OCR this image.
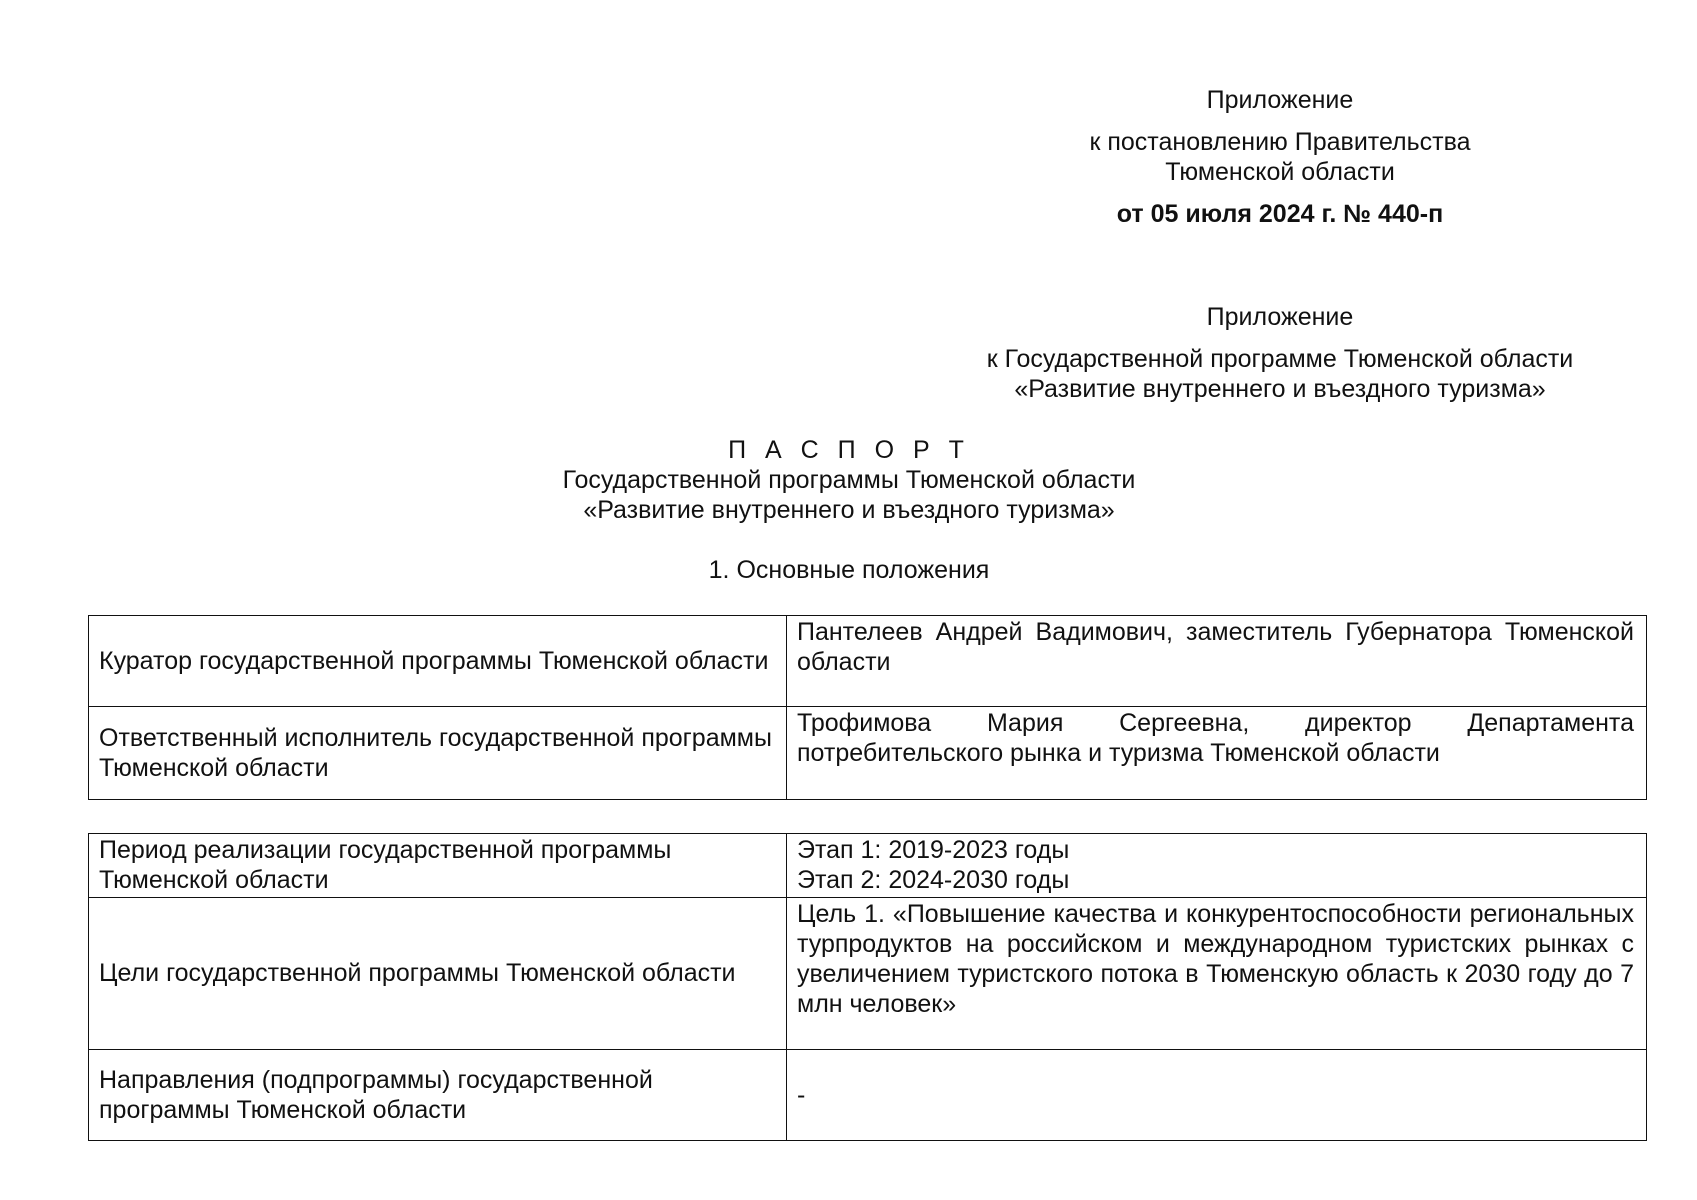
Приложение
к постановлению Правительства
Тюменской области
от 05 июля 2024 г. № 440-п
Приложение
к Государственной программе Тюменской области
«Развитие внутреннего и въездного туризма»
П А С П О Р Т
Государственной программы Тюменской области
«Развитие внутреннего и въездного туризма»
1. Основные положения
Куратор государственной программы Тюменской области	Пантелеев Андрей Вадимович, заместитель Губернатора Тюменской области
Ответственный исполнитель государственной программы Тюменской области	Трофимова Мария Сергеевна, директор Департамента потребительского рынка и туризма Тюменской области
Период реализации государственной программы Тюменской области	Этап 1: 2019-2023 годы
Этап 2: 2024-2030 годы

Цели государственной программы Тюменской области	Цель 1. «Повышение качества и конкурентоспособности региональных турпродуктов на российском и международном туристских рынках с увеличением туристского потока в Тюменскую область к 2030 году до 7 млн человек»
Направления (подпрограммы) государственной программы Тюменской области	-
